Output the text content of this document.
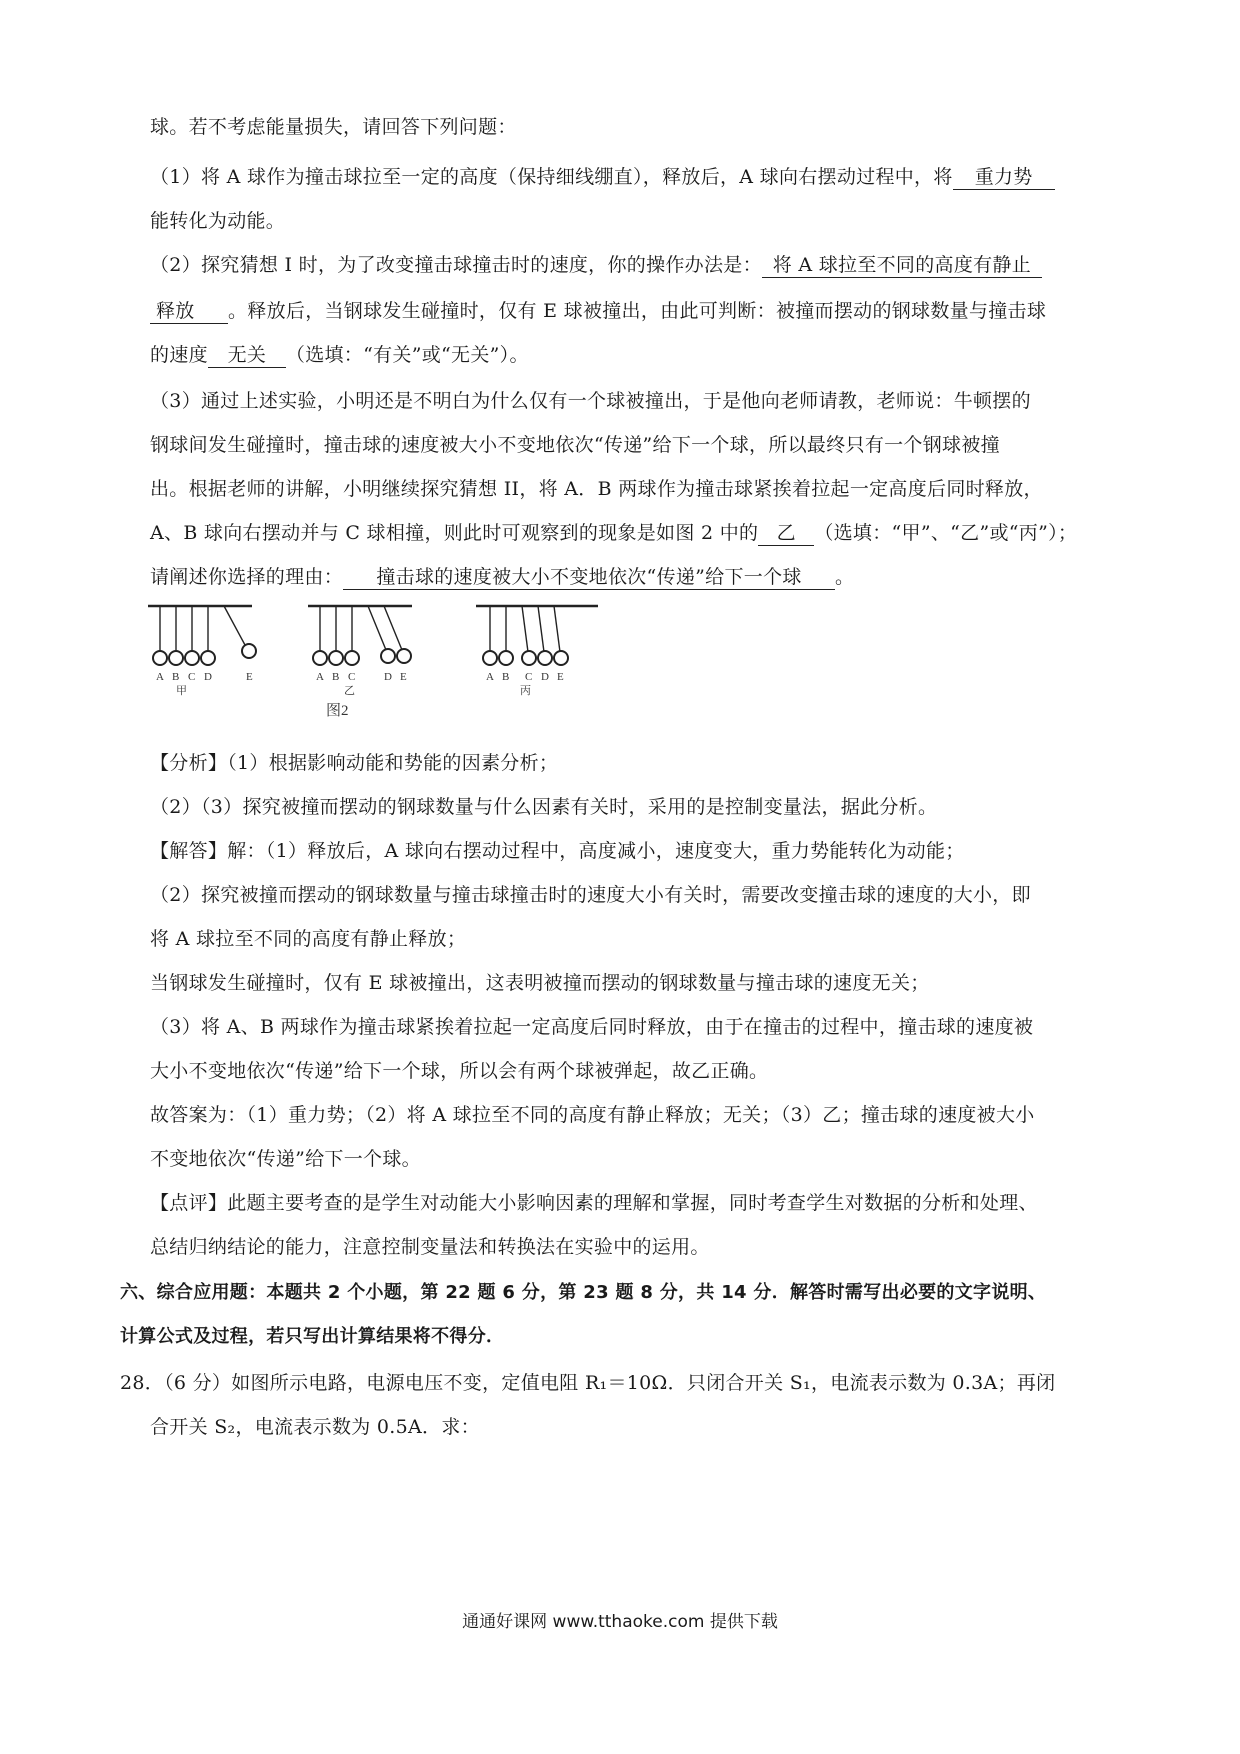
球。若不考虑能量损失，请回答下列问题：
（1）将 A 球作为撞击球拉至一定的高度（保持细线绷直），释放后，A 球向右摆动过程中，将 重力势
能转化为动能。
（2）探究猜想 I 时，为了改变撞击球撞击时的速度，你的操作办法是： 将 A 球拉至不同的高度有静止
释放 。释放后，当钢球发生碰撞时，仅有 E 球被撞出，由此可判断：被撞而摆动的钢球数量与撞击球
的速度 无关 （选填：“有关”或“无关”）。
（3）通过上述实验，小明还是不明白为什么仅有一个球被撞出，于是他向老师请教，老师说：牛顿摆的
钢球间发生碰撞时，撞击球的速度被大小不变地依次“传递”给下一个球，所以最终只有一个钢球被撞
出。根据老师的讲解，小明继续探究猜想 II，将 A．B 两球作为撞击球紧挨着拉起一定高度后同时释放，
A、B 球向右摆动并与 C 球相撞，则此时可观察到的现象是如图 2 中的 乙 （选填：“甲”、“乙”或“丙”）；
请阐述你选择的理由： 撞击球的速度被大小不变地依次“传递”给下一个球 。
A B C D	E
甲
A B C	D E
乙
图2
A B C D E
丙
【分析】（1）根据影响动能和势能的因素分析；
（2）（3）探究被撞而摆动的钢球数量与什么因素有关时，采用的是控制变量法，据此分析。
【解答】解：（1）释放后，A 球向右摆动过程中，高度减小，速度变大，重力势能转化为动能；
（2）探究被撞而摆动的钢球数量与撞击球撞击时的速度大小有关时，需要改变撞击球的速度的大小，即
将 A 球拉至不同的高度有静止释放；
当钢球发生碰撞时，仅有 E 球被撞出，这表明被撞而摆动的钢球数量与撞击球的速度无关；
（3）将 A、B 两球作为撞击球紧挨着拉起一定高度后同时释放，由于在撞击的过程中，撞击球的速度被
大小不变地依次“传递”给下一个球，所以会有两个球被弹起，故乙正确。
故答案为：（1）重力势；（2）将 A 球拉至不同的高度有静止释放；无关；（3）乙；撞击球的速度被大小
不变地依次“传递”给下一个球。
【点评】此题主要考查的是学生对动能大小影响因素的理解和掌握，同时考查学生对数据的分析和处理、
总结归纳结论的能力，注意控制变量法和转换法在实验中的运用。
六、综合应用题：本题共 2 个小题，第 22 题 6 分，第 23 题 8 分，共 14 分．解答时需写出必要的文字说明、
计算公式及过程，若只写出计算结果将不得分．
28．（6 分）如图所示电路，电源电压不变，定值电阻 R₁＝10Ω．只闭合开关 S₁，电流表示数为 0.3A；再闭
合开关 S₂，电流表示数为 0.5A．求：
通通好课网 www.tthaoke.com 提供下载
